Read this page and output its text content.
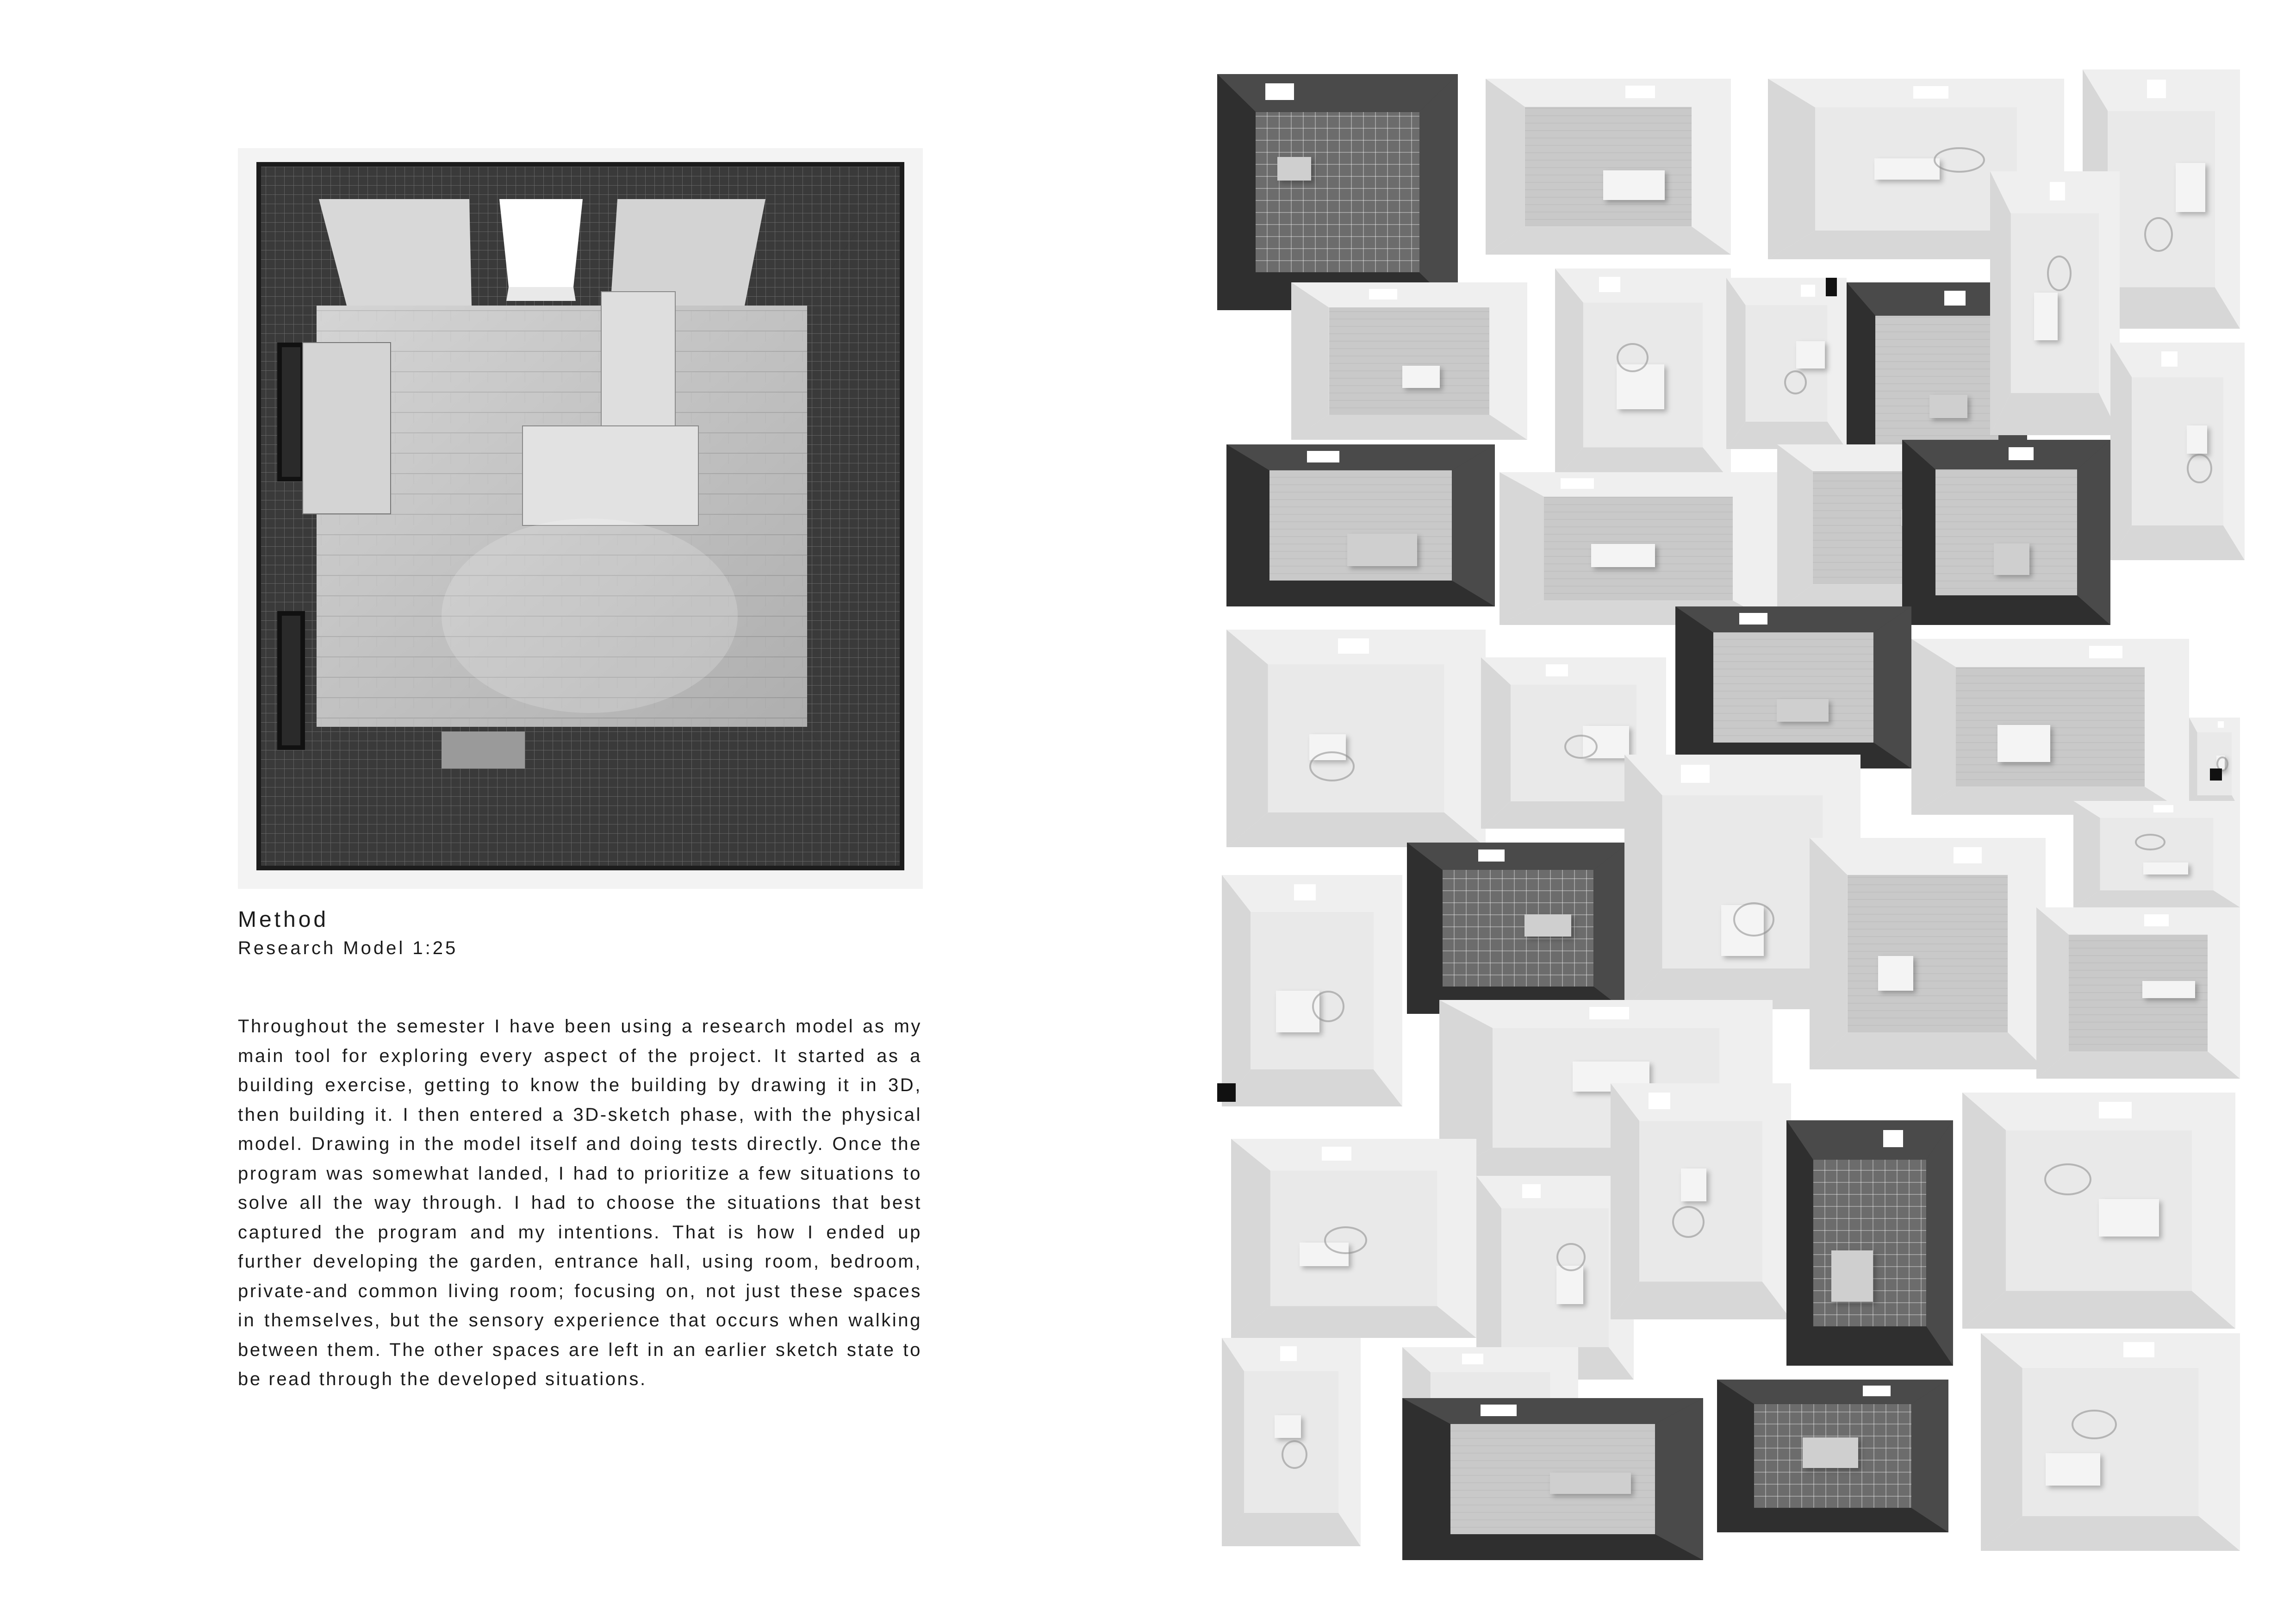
Method

Research Model 1:25

Throughout the semester I have been using a research model as my main tool for exploring every aspect of the project. It started as a building exercise, getting to know the building by drawing it in 3D, then building it. I then entered a 3D-sketch phase, with the physical model. Drawing in the model itself and doing tests directly. Once the program was somewhat landed, I had to prioritize a few situations to solve all the way through. I had to choose the situations that best captured the program and my intentions. That is how I ended up further developing the garden, entrance hall, using room, bedroom, private-and common living room; focusing on, not just these spaces in themselves, but the sensory experience that occurs when walking between them. The other spaces are left in an earlier sketch state to be read through the developed situations.
